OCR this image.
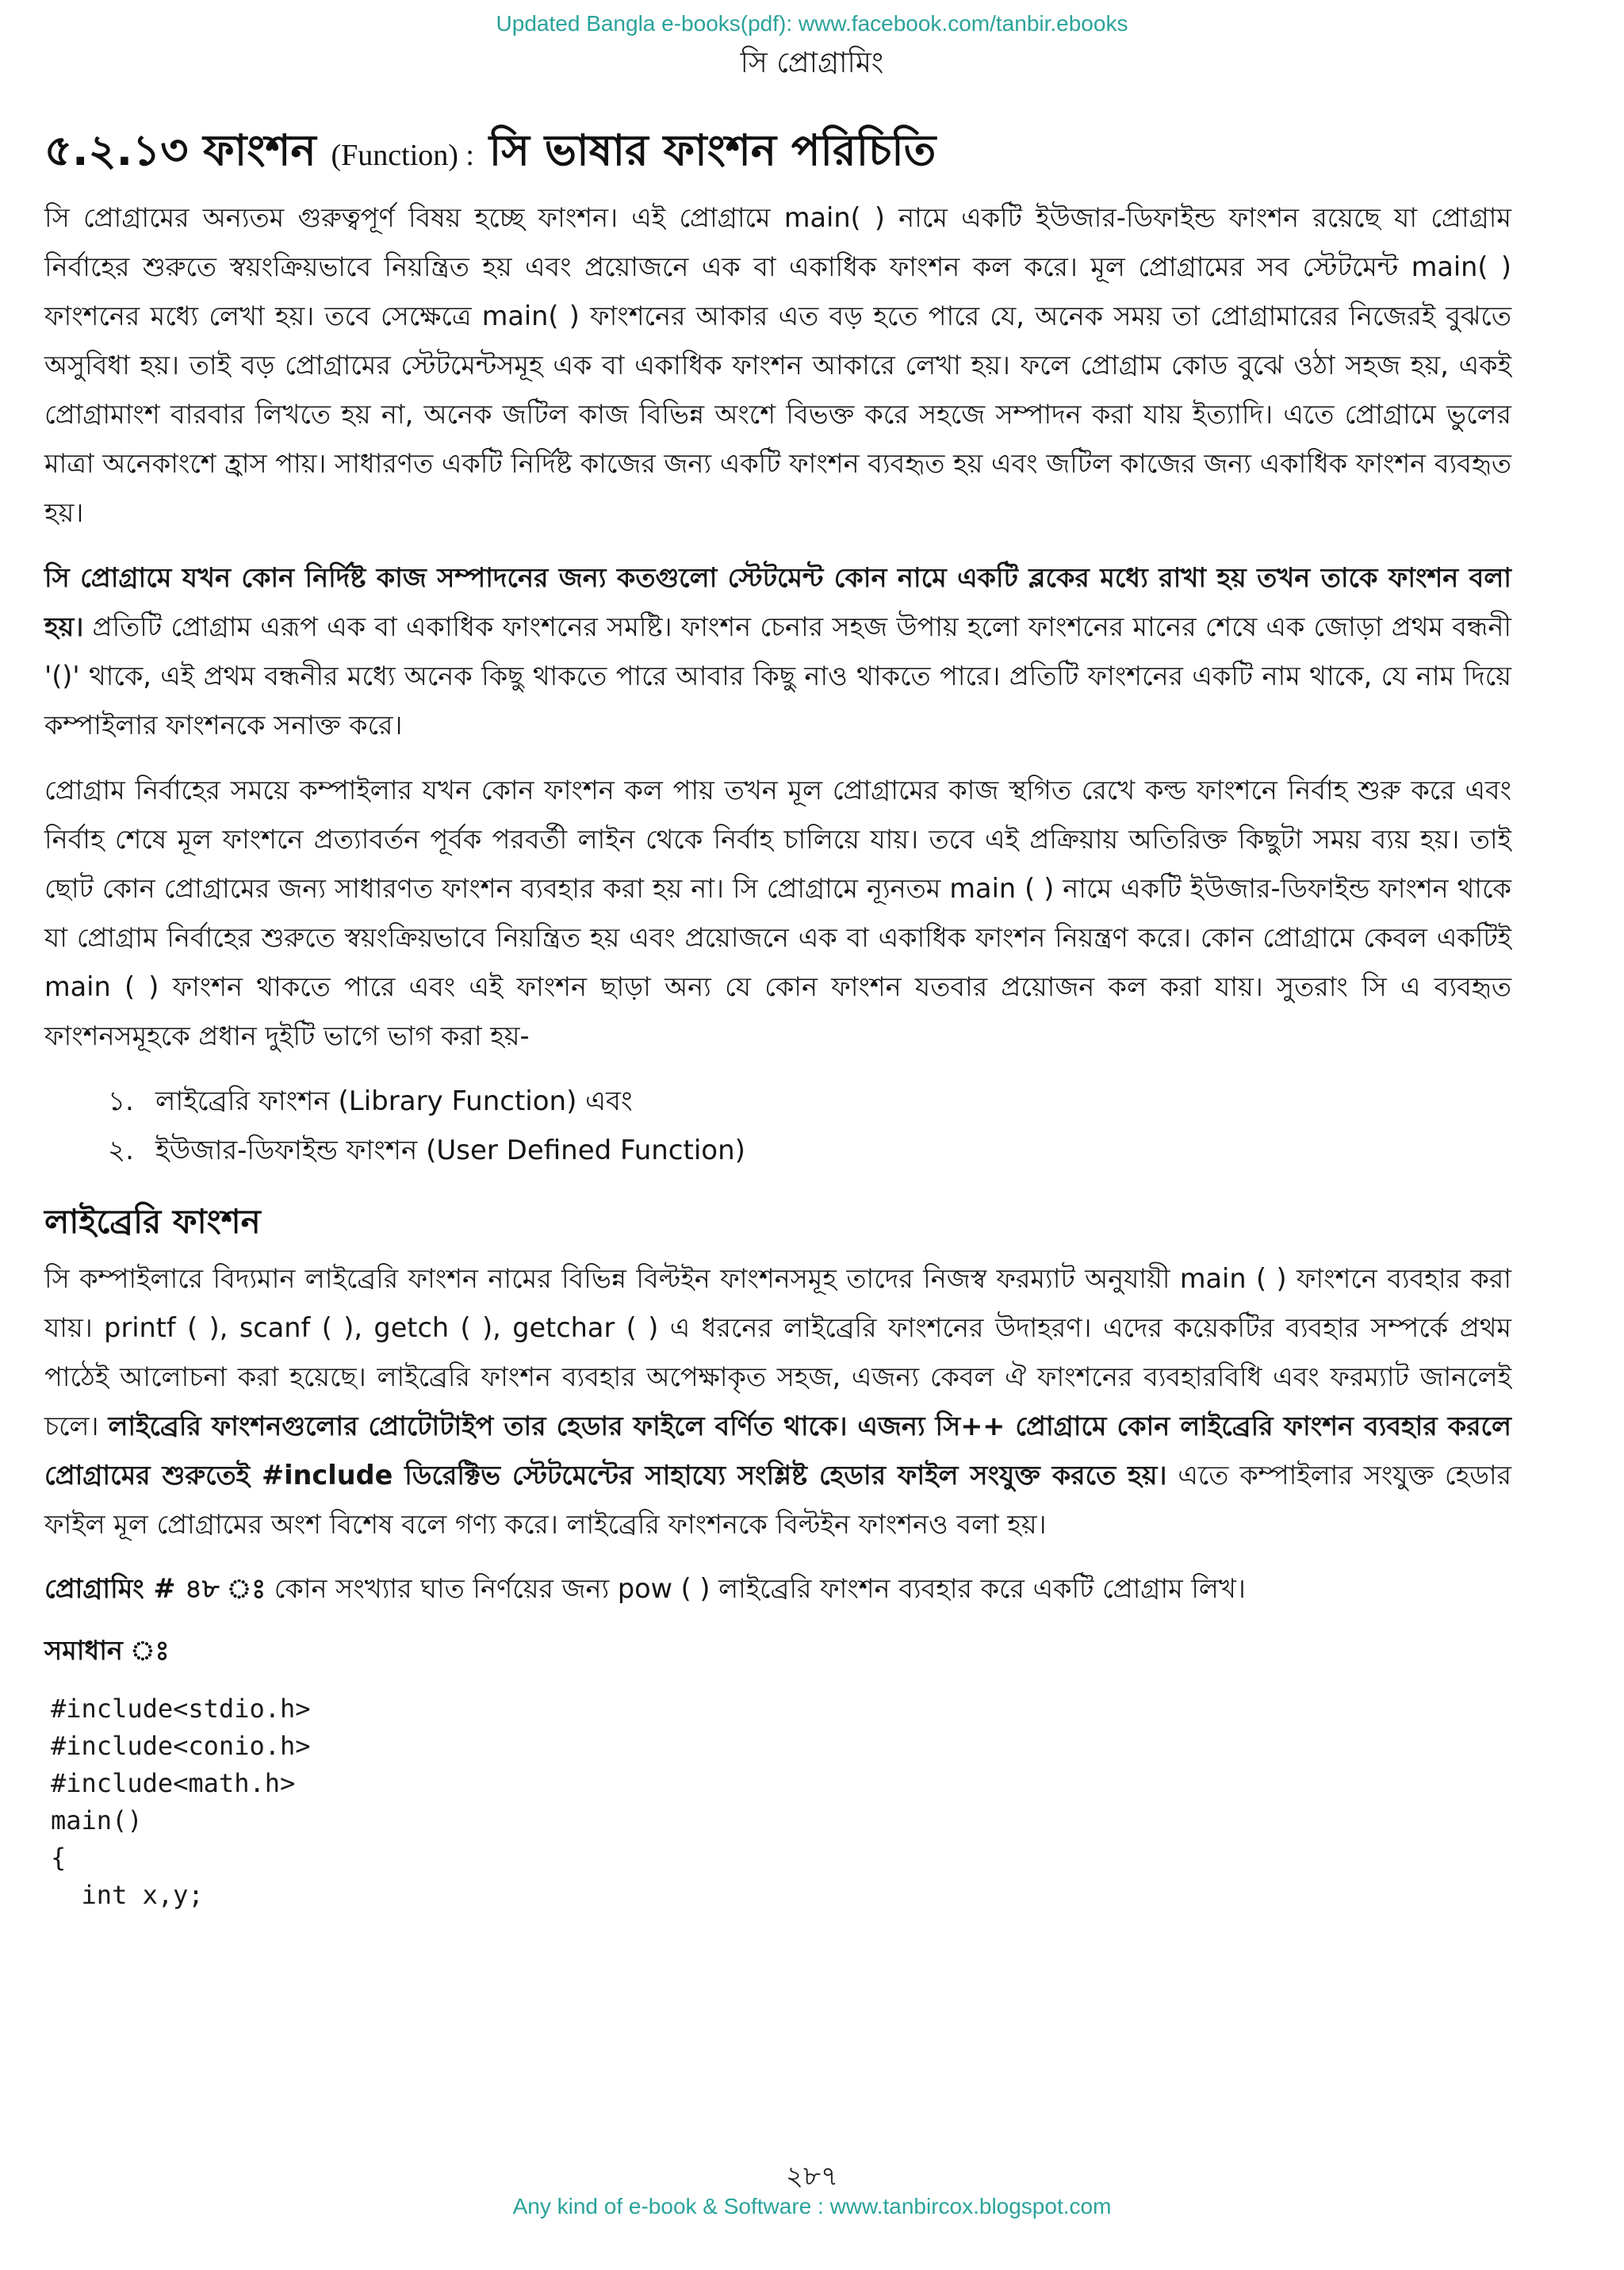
Updated Bangla e-books(pdf): www.facebook.com/tanbir.ebooks
সি প্রোগ্রামিং
৫.২.১৩ ফাংশন (Function) : সি ভাষার ফাংশন পরিচিতি

সি প্রোগ্রামের অন্যতম গুরুত্বপূর্ণ বিষয় হচ্ছে ফাংশন। এই প্রোগ্রামে main( ) নামে একটি ইউজার-ডিফাইন্ড ফাংশন রয়েছে যা প্রোগ্রাম নির্বাহের শুরুতে স্বয়ংক্রিয়ভাবে নিয়ন্ত্রিত হয় এবং প্রয়োজনে এক বা একাধিক ফাংশন কল করে। মূল প্রোগ্রামের সব স্টেটমেন্ট main( ) ফাংশনের মধ্যে লেখা হয়। তবে সেক্ষেত্রে main( ) ফাংশনের আকার এত বড় হতে পারে যে, অনেক সময় তা প্রোগ্রামারের নিজেরই বুঝতে অসুবিধা হয়। তাই বড় প্রোগ্রামের স্টেটমেন্টসমূহ এক বা একাধিক ফাংশন আকারে লেখা হয়। ফলে প্রোগ্রাম কোড বুঝে ওঠা সহজ হয়, একই প্রোগ্রামাংশ বারবার লিখতে হয় না, অনেক জটিল কাজ বিভিন্ন অংশে বিভক্ত করে সহজে সম্পাদন করা যায় ইত্যাদি। এতে প্রোগ্রামে ভুলের মাত্রা অনেকাংশে হ্রাস পায়। সাধারণত একটি নির্দিষ্ট কাজের জন্য একটি ফাংশন ব্যবহৃত হয় এবং জটিল কাজের জন্য একাধিক ফাংশন ব্যবহৃত হয়।

সি প্রোগ্রামে যখন কোন নির্দিষ্ট কাজ সম্পাদনের জন্য কতগুলো স্টেটমেন্ট কোন নামে একটি ব্লকের মধ্যে রাখা হয় তখন তাকে ফাংশন বলা হয়। প্রতিটি প্রোগ্রাম এরূপ এক বা একাধিক ফাংশনের সমষ্টি। ফাংশন চেনার সহজ উপায় হলো ফাংশনের মানের শেষে এক জোড়া প্রথম বন্ধনী '()' থাকে, এই প্রথম বন্ধনীর মধ্যে অনেক কিছু থাকতে পারে আবার কিছু নাও থাকতে পারে। প্রতিটি ফাংশনের একটি নাম থাকে, যে নাম দিয়ে কম্পাইলার ফাংশনকে সনাক্ত করে।

প্রোগ্রাম নির্বাহের সময়ে কম্পাইলার যখন কোন ফাংশন কল পায় তখন মূল প্রোগ্রামের কাজ স্থগিত রেখে কল্ড ফাংশনে নির্বাহ শুরু করে এবং নির্বাহ শেষে মূল ফাংশনে প্রত্যাবর্তন পূর্বক পরবর্তী লাইন থেকে নির্বাহ চালিয়ে যায়। তবে এই প্রক্রিয়ায় অতিরিক্ত কিছুটা সময় ব্যয় হয়। তাই ছোট কোন প্রোগ্রামের জন্য সাধারণত ফাংশন ব্যবহার করা হয় না। সি প্রোগ্রামে ন্যূনতম main ( ) নামে একটি ইউজার-ডিফাইন্ড ফাংশন থাকে যা প্রোগ্রাম নির্বাহের শুরুতে স্বয়ংক্রিয়ভাবে নিয়ন্ত্রিত হয় এবং প্রয়োজনে এক বা একাধিক ফাংশন নিয়ন্ত্রণ করে। কোন প্রোগ্রামে কেবল একটিই main ( ) ফাংশন থাকতে পারে এবং এই ফাংশন ছাড়া অন্য যে কোন ফাংশন যতবার প্রয়োজন কল করা যায়। সুতরাং সি এ ব্যবহৃত ফাংশনসমূহকে প্রধান দুইটি ভাগে ভাগ করা হয়-

১. লাইব্রেরি ফাংশন (Library Function) এবং
২. ইউজার-ডিফাইন্ড ফাংশন (User Defined Function)
লাইব্রেরি ফাংশন

সি কম্পাইলারে বিদ্যমান লাইব্রেরি ফাংশন নামের বিভিন্ন বিল্টইন ফাংশনসমূহ তাদের নিজস্ব ফরম্যাট অনুযায়ী main ( ) ফাংশনে ব্যবহার করা যায়। printf ( ), scanf ( ), getch ( ), getchar ( ) এ ধরনের লাইব্রেরি ফাংশনের উদাহরণ। এদের কয়েকটির ব্যবহার সম্পর্কে প্রথম পাঠেই আলোচনা করা হয়েছে। লাইব্রেরি ফাংশন ব্যবহার অপেক্ষাকৃত সহজ, এজন্য কেবল ঐ ফাংশনের ব্যবহারবিধি এবং ফরম্যাট জানলেই চলে। লাইব্রেরি ফাংশনগুলোর প্রোটোটাইপ তার হেডার ফাইলে বর্ণিত থাকে। এজন্য সি++ প্রোগ্রামে কোন লাইব্রেরি ফাংশন ব্যবহার করলে প্রোগ্রামের শুরুতেই #include ডিরেক্টিভ স্টেটমেন্টের সাহায্যে সংশ্লিষ্ট হেডার ফাইল সংযুক্ত করতে হয়। এতে কম্পাইলার সংযুক্ত হেডার ফাইল মূল প্রোগ্রামের অংশ বিশেষ বলে গণ্য করে। লাইব্রেরি ফাংশনকে বিল্টইন ফাংশনও বলা হয়।

প্রোগ্রামিং # ৪৮ ঃ কোন সংখ্যার ঘাত নির্ণয়ের জন্য pow ( ) লাইব্রেরি ফাংশন ব্যবহার করে একটি প্রোগ্রাম লিখ।
সমাধান ঃ
#include<stdio.h>
#include<conio.h>
#include<math.h>
main()
{
int x,y;
২৮৭
Any kind of e-book & Software : www.tanbircox.blogspot.com
